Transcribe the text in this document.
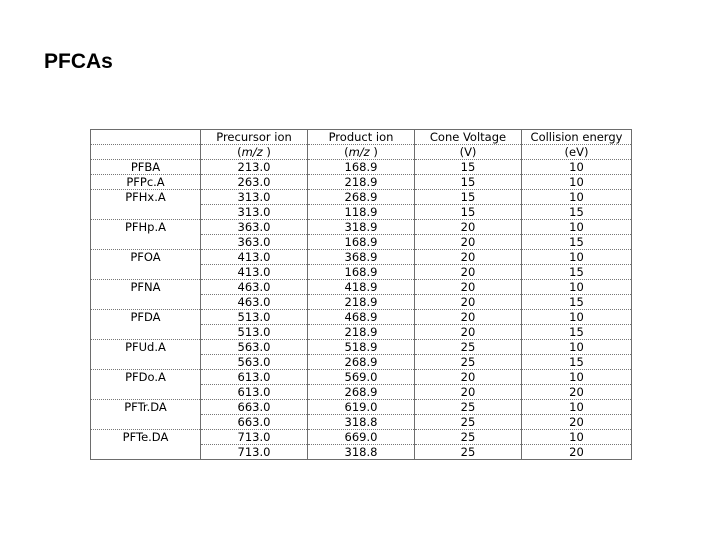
PFCAs
	Precursor ion	Product ion	Cone Voltage	Collision energy
	(m/z )	(m/z )	(V)	(eV)
PFBA	213.0	168.9	15	10
PFPc.A	263.0	218.9	15	10
PFHx.A	313.0	268.9	15	10
	313.0	118.9	15	15
PFHp.A	363.0	318.9	20	10
	363.0	168.9	20	15
PFOA	413.0	368.9	20	10
	413.0	168.9	20	15
PFNA	463.0	418.9	20	10
	463.0	218.9	20	15
PFDA	513.0	468.9	20	10
	513.0	218.9	20	15
PFUd.A	563.0	518.9	25	10
	563.0	268.9	25	15
PFDo.A	613.0	569.0	20	10
	613.0	268.9	20	20
PFTr.DA	663.0	619.0	25	10
	663.0	318.8	25	20
PFTe.DA	713.0	669.0	25	10
	713.0	318.8	25	20
